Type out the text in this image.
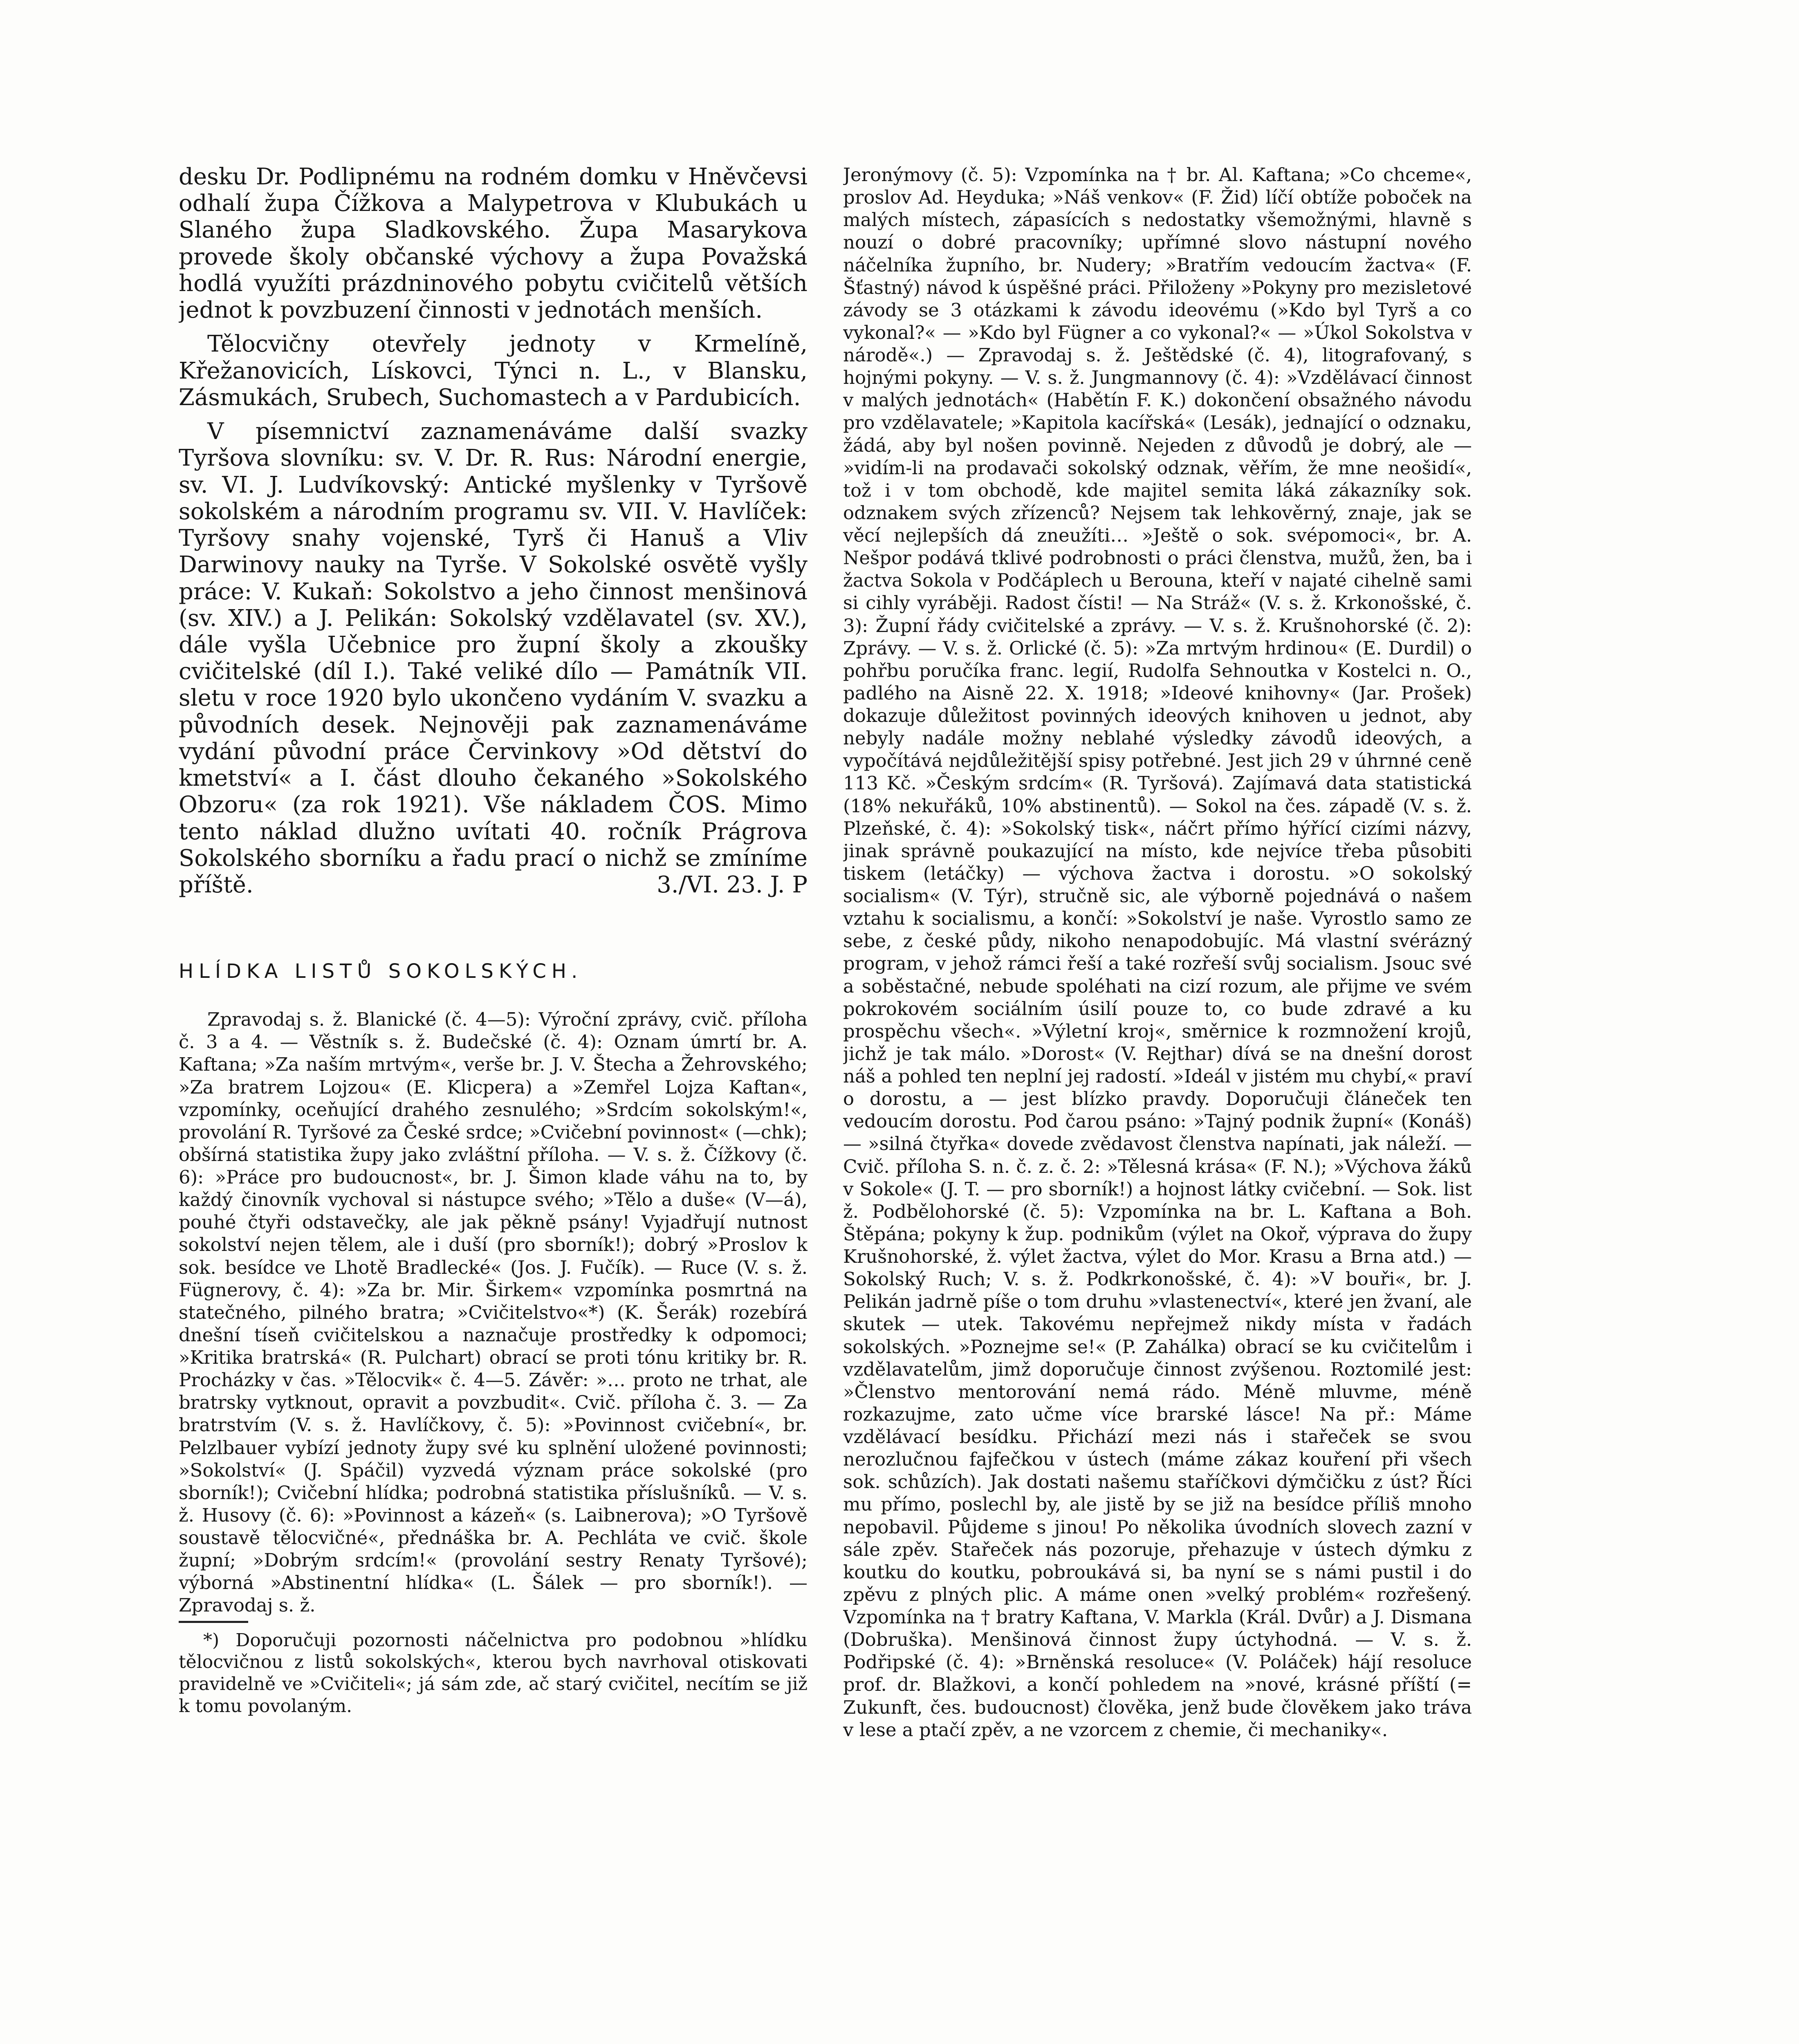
desku Dr. Podlipnému na rodném domku v Hněvčevsi odhalí župa Čížkova a Malypetrova v Klubukách u Slaného župa Sladkovského. Župa Masarykova provede školy občanské výchovy a župa Považská hodlá využíti prázdninového pobytu cvičitelů větších jednot k povzbuzení činnosti v jednotách menších.

Tělocvičny otevřely jednoty v Krmelíně, Křežanovicích, Lískovci, Týnci n. L., v Blansku, Zásmukách, Srubech, Suchomastech a v Pardubicích.

V písemnictví zaznamenáváme další svazky Tyršova slovníku: sv. V. Dr. R. Rus: Národní energie, sv. VI. J. Ludvíkovský: Antické myšlenky v Tyršově sokolském a národním programu sv. VII. V. Havlíček: Tyršovy snahy vojenské, Tyrš či Hanuš a Vliv Darwinovy nauky na Tyrše. V Sokolské osvětě vyšly práce: V. Kukaň: Sokolstvo a jeho činnost menšinová (sv. XIV.) a J. Pelikán: Sokolský vzdělavatel (sv. XV.), dále vyšla Učebnice pro župní školy a zkoušky cvičitelské (díl I.). Také veliké dílo — Památník VII. sletu v roce 1920 bylo ukončeno vydáním V. svazku a původních desek. Nejnověji pak zaznamenáváme vydání původní práce Červinkovy »Od dětství do kmetství« a I. část dlouho čekaného »Sokolského Obzoru« (za rok 1921). Vše nákladem ČOS. Mimo tento náklad dlužno uvítati 40. ročník Prágrova Sokolského sborníku a řadu prací o nichž se zmíníme příště.	3./VI. 23. J. P

HLÍDKA LISTŮ SOKOLSKÝCH.

Zpravodaj s. ž. Blanické (č. 4—5): Výroční zprávy, cvič. příloha č. 3 a 4. — Věstník s. ž. Budečské (č. 4): Oznam úmrtí br. A. Kaftana; »Za naším mrtvým«, verše br. J. V. Štecha a Žehrovského; »Za bratrem Lojzou« (E. Klicpera) a »Zemřel Lojza Kaftan«, vzpomínky, oceňující drahého zesnulého; »Srdcím sokolským!«, provolání R. Tyršové za České srdce; »Cvičební povinnost« (—chk); obšírná statistika župy jako zvláštní příloha. — V. s. ž. Čížkovy (č. 6): »Práce pro budoucnost«, br. J. Šimon klade váhu na to, by každý činovník vychoval si nástupce svého; »Tělo a duše« (V—á), pouhé čtyři odstavečky, ale jak pěkně psány! Vyjadřují nutnost sokolství nejen tělem, ale i duší (pro sborník!); dobrý »Proslov k sok. besídce ve Lhotě Bradlecké« (Jos. J. Fučík). — Ruce (V. s. ž. Fügnerovy, č. 4): »Za br. Mir. Širkem« vzpomínka posmrtná na statečného, pilného bratra; »Cvičitelstvo«*) (K. Šerák) rozebírá dnešní tíseň cvičitelskou a naznačuje prostředky k odpomoci; »Kritika bratrská« (R. Pulchart) obrací se proti tónu kritiky br. R. Procházky v čas. »Tělocvik« č. 4—5. Závěr: »… proto ne trhat, ale bratrsky vytknout, opravit a povzbudit«. Cvič. příloha č. 3. — Za bratrstvím (V. s. ž. Havlíčkovy, č. 5): »Povinnost cvičební«, br. Pelzlbauer vybízí jednoty župy své ku splnění uložené povinnosti; »Sokolství« (J. Spáčil) vyzvedá význam práce sokolské (pro sborník!); Cvičební hlídka; podrobná statistika příslušníků. — V. s. ž. Husovy (č. 6): »Povinnost a kázeň« (s. Laibnerova); »O Tyršově soustavě tělocvičné«, přednáška br. A. Pechláta ve cvič. škole župní; »Dobrým srdcím!« (provolání sestry Renaty Tyršové); výborná »Abstinentní hlídka« (L. Šálek — pro sborník!). — Zpravodaj s. ž.

*) Doporučuji pozornosti náčelnictva pro podobnou »hlídku tělocvičnou z listů sokolských«, kterou bych navrhoval otiskovati pravidelně ve »Cvičiteli«; já sám zde, ač starý cvičitel, necítím se již k tomu povolaným.

Jeronýmovy (č. 5): Vzpomínka na † br. Al. Kaftana; »Co chceme«, proslov Ad. Heyduka; »Náš venkov« (F. Žid) líčí obtíže poboček na malých místech, zápasících s nedostatky všemožnými, hlavně s nouzí o dobré pracovníky; upřímné slovo nástupní nového náčelníka župního, br. Nudery; »Bratřím vedoucím žactva« (F. Šťastný) návod k úspěšné práci. Přiloženy »Pokyny pro mezisletové závody se 3 otázkami k závodu ideovému (»Kdo byl Tyrš a co vykonal?« — »Kdo byl Fügner a co vykonal?« — »Úkol Sokolstva v národě«.) — Zpravodaj s. ž. Ještědské (č. 4), litografovaný, s hojnými pokyny. — V. s. ž. Jungmannovy (č. 4): »Vzdělávací činnost v malých jednotách« (Habětín F. K.) dokončení obsažného návodu pro vzdělavatele; »Kapitola kacířská« (Lesák), jednající o odznaku, žádá, aby byl nošen povinně. Nejeden z důvodů je dobrý, ale — »vidím-li na prodavači sokolský odznak, věřím, že mne neošidí«, tož i v tom obchodě, kde majitel semita láká zákazníky sok. odznakem svých zřízenců? Nejsem tak lehkověrný, znaje, jak se věcí nejlepších dá zneužíti… »Ještě o sok. svépomoci«, br. A. Nešpor podává tklivé podrobnosti o práci členstva, mužů, žen, ba i žactva Sokola v Podčáplech u Berouna, kteří v najaté cihelně sami si cihly vyráběji. Radost čísti! — Na Stráž« (V. s. ž. Krkonošské, č. 3): Župní řády cvičitelské a zprávy. — V. s. ž. Krušnohorské (č. 2): Zprávy. — V. s. ž. Orlické (č. 5): »Za mrtvým hrdinou« (E. Durdil) o pohřbu poručíka franc. legií, Rudolfa Sehnoutka v Kostelci n. O., padlého na Aisně 22. X. 1918; »Ideové knihovny« (Jar. Prošek) dokazuje důležitost povinných ideových knihoven u jednot, aby nebyly nadále možny neblahé výsledky závodů ideových, a vypočítává nejdůležitější spisy potřebné. Jest jich 29 v úhrnné ceně 113 Kč. »Českým srdcím« (R. Tyršová). Zajímavá data statistická (18% nekuřáků, 10% abstinentů). — Sokol na čes. západě (V. s. ž. Plzeňské, č. 4): »Sokolský tisk«, náčrt přímo hýřící cizími názvy, jinak správně poukazující na místo, kde nejvíce třeba působiti tiskem (letáčky) — výchova žactva i dorostu. »O sokolský socialism« (V. Týr), stručně sic, ale výborně pojednává o našem vztahu k socialismu, a končí: »Sokolství je naše. Vyrostlo samo ze sebe, z české půdy, nikoho nenapodobujíc. Má vlastní svérázný program, v jehož rámci řeší a také rozřeší svůj socialism. Jsouc své a soběstačné, nebude spoléhati na cizí rozum, ale přijme ve svém pokrokovém sociálním úsilí pouze to, co bude zdravé a ku prospěchu všech«. »Výletní kroj«, směrnice k rozmnožení krojů, jichž je tak málo. »Dorost« (V. Rejthar) dívá se na dnešní dorost náš a pohled ten neplní jej radostí. »Ideál v jistém mu chybí,« praví o dorostu, a — jest blízko pravdy. Doporučuji článeček ten vedoucím dorostu. Pod čarou psáno: »Tajný podnik župní« (Konáš) — »silná čtyřka« dovede zvědavost členstva napínati, jak náleží. — Cvič. příloha S. n. č. z. č. 2: »Tělesná krása« (F. N.); »Výchova žáků v Sokole« (J. T. — pro sborník!) a hojnost látky cvičební. — Sok. list ž. Podbělohorské (č. 5): Vzpomínka na br. L. Kaftana a Boh. Štěpána; pokyny k žup. podnikům (výlet na Okoř, výprava do župy Krušnohorské, ž. výlet žactva, výlet do Mor. Krasu a Brna atd.) — Sokolský Ruch; V. s. ž. Podkrkonošské, č. 4): »V bouři«, br. J. Pelikán jadrně píše o tom druhu »vlastenectví«, které jen žvaní, ale skutek — utek. Takovému nepřejmež nikdy místa v řadách sokolských. »Poznejme se!« (P. Zahálka) obrací se ku cvičitelům i vzdělavatelům, jimž doporučuje činnost zvýšenou. Roztomilé jest: »Členstvo mentorování nemá rádo. Méně mluvme, méně rozkazujme, zato učme více brarské lásce! Na př.: Máme vzdělávací besídku. Přichází mezi nás i stařeček se svou nerozlučnou fajfečkou v ústech (máme zákaz kouření při všech sok. schůzích). Jak dostati našemu staříčkovi dýmčičku z úst? Říci mu přímo, poslechl by, ale jistě by se již na besídce příliš mnoho nepobavil. Půjdeme s jinou! Po několika úvodních slovech zazní v sále zpěv. Stařeček nás pozoruje, přehazuje v ústech dýmku z koutku do koutku, pobroukává si, ba nyní se s námi pustil i do zpěvu z plných plic. A máme onen »velký problém« rozřešený. Vzpomínka na † bratry Kaftana, V. Markla (Král. Dvůr) a J. Dismana (Dobruška). Menšinová činnost župy úctyhodná. — V. s. ž. Podřipské (č. 4): »Brněnská resoluce« (V. Poláček) hájí resoluce prof. dr. Blažkovi, a končí pohledem na »nové, krásné příští (= Zukunft, čes. budoucnost) člověka, jenž bude člověkem jako tráva v lese a ptačí zpěv, a ne vzorcem z chemie, či mechaniky«.
